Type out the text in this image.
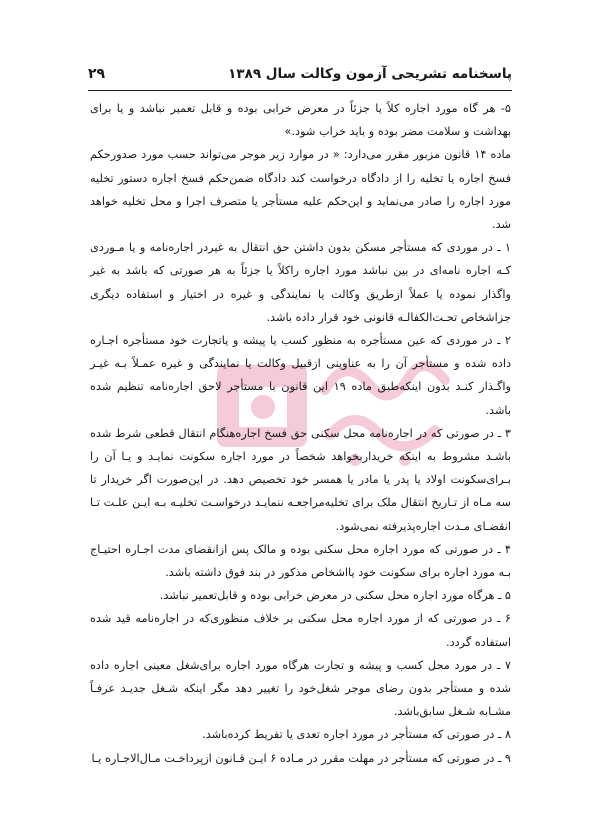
پاسخنامه تشریحی آزمون وکالت سال ۱۳۸۹
۲۹

۵- هر گاه مورد اجاره کلاً یا جزئاً در معرض خرابی بوده و قابل تعمیر نباشد و یا برای بهداشت و سلامت مضر بوده و باید خراب شود.»

ماده ۱۴ قانون مزبور مقرر می‌دارد: « در موارد زیر موجر می‌تواند حسب مورد صدورحکم فسخ اجاره یا تخلیه را از دادگاه درخواست کند دادگاه ضمن‌حکم فسخ اجاره دستور تخلیه مورد اجاره را صادر می‌نماید و این‌حکم علیه مستأجر یا متصرف اجرا و محل تخلیه خواهد شد.

۱ ـ در موردی که مستأجر مسکن بدون داشتن حق انتقال به غیردر اجاره‌نامه و یا مـوردی کـه اجاره نامه‌ای در بین نباشد مورد اجاره راکلاً یا جزئاً به هر صورتی که باشد به غیر واگذار نموده یا عملاً ازطریق وکالت یا نمایندگی و غیره در اختیار و استفاده دیگری جزاشخاص تحـت‌الکفالـه قانونی خود قرار داده باشد.

۲ ـ در موردی که عین مستأجره به منظور کسب یا پیشه و یاتجارت خود مستأجره اجـاره داده شده و مستأجر آن را به عناوینی ازقبیل وکالت یا نمایندگی و غیره عمـلاً بـه غیـر واگـذار کنـد بدون اینکه‌طبق ماده ۱۹ این قانون با مستأجر لاحق اجاره‌نامه تنظیم شده باشد.

۳ ـ در صورتی که در اجاره‌نامه محل سکنی حق فسخ اجاره‌هنگام انتقال قطعی شرط شده باشـد مشروط به اینکه خریداربخواهد شخصاً در مورد اجاره سکونت نمایـد و یـا آن را بـرای‌سکونت اولاد یا پدر یا مادر یا همسر خود تخصیص دهد. در این‌صورت اگر خریدار تا سه مـاه از تـاریخ انتقال ملک برای تخلیه‌مراجعـه ننمایـد درخواسـت تخلیـه بـه ایـن علـت تـا انقضـای مـدت اجاره‌پذیرفته نمی‌شود.

۴ ـ در صورتی که مورد اجاره محل سکنی بوده و مالک پس ازانقضای مدت اجـاره احتیـاج بـه مورد اجاره برای سکونت خود یااشخاص مذکور در بند فوق داشته باشد.

۵ ـ هرگاه مورد اجاره محل سکنی در معرض خرابی بوده و قابل‌تعمیر نباشد.

۶ ـ در صورتی که از مورد اجاره محل سکنی بر خلاف منظوری‌که در اجاره‌نامه قید شده استفاده گردد.

۷ ـ در مورد محل کسب و پیشه و تجارت هرگاه مورد اجاره برای‌شغل معینی اجاره داده شده و مستأجر بدون رضای موجر شغل‌خود را تغییر دهد مگر اینکه شـغل جدیـد عرفـاً مشـابه شـغل سابق‌باشد.

۸ ـ در صورتی که مستأجر در مورد اجاره تعدی یا تفریط کرده‌باشد.

۹ ـ در صورتی که مستأجر در مهلت مقرر در مـاده ۶ ایـن قـانون ازپرداخـت مـال‌الاجـاره یـا
